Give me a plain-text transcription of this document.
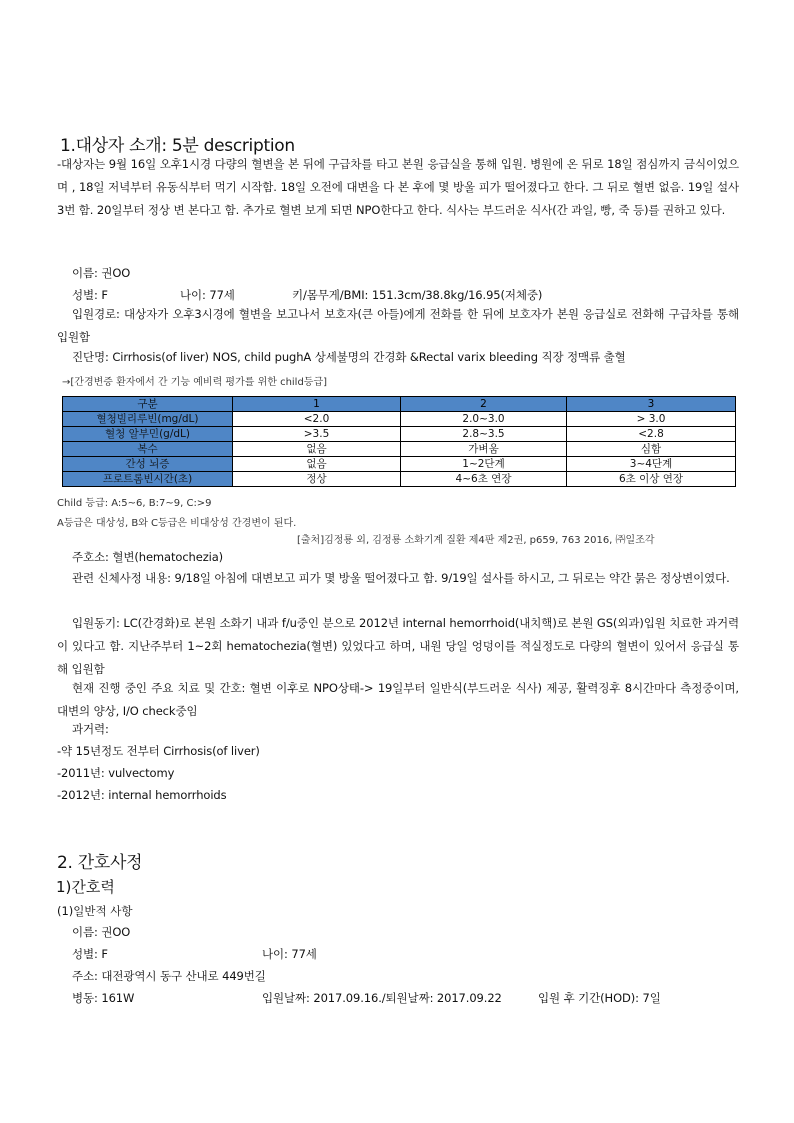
1.대상자 소개: 5분 description
-대상자는 9월 16일 오후1시경 다량의 혈변을 본 뒤에 구급차를 타고 본원 응급실을 통해 입원. 병원에 온 뒤로 18일 점심까지 금식이었으며 , 18일 저녁부터 유동식부터 먹기 시작함. 18일 오전에 대변을 다 본 후에 몇 방울 피가 떨어졌다고 한다. 그 뒤로 혈변 없음. 19일 설사 3번 함. 20일부터 정상 변 본다고 함. 추가로 혈변 보게 되면 NPO한다고 한다. 식사는 부드러운 식사(간 과일, 빵, 죽 등)를 권하고 있다.
이름: 권OO
성별: F	나이: 77세	키/몸무게/BMI: 151.3cm/38.8kg/16.95(저체중)
입원경로: 대상자가 오후3시경에 혈변을 보고나서 보호자(큰 아들)에게 전화를 한 뒤에 보호자가 본원 응급실로 전화해 구급차를 통해 입원함
진단명: Cirrhosis(of liver) NOS, child pughA 상세불명의 간경화 &Rectal varix bleeding 직장 정맥류 출혈
→[간경변증 환자에서 간 기능 예비력 평가를 위한 child등급]
구분	1	2	3
혈청빌리루빈(mg/dL)	<2.0	2.0~3.0	> 3.0
혈청 알부민(g/dL)	>3.5	2.8~3.5	<2.8
복수	없음	가벼움	심함
간성 뇌증	없음	1~2단계	3~4단계
프로트롬빈시간(초)	정상	4~6초 연장	6초 이상 연장
Child 등급: A:5~6, B:7~9, C:>9
A등급은 대상성, B와 C등급은 비대상성 간경변이 된다.
[출처]김정룡 외, 김정룡 소화기계 질환 제4판 제2권, p659, 763 2016, ㈜일조각
주호소: 혈변(hematochezia)
관련 신체사정 내용: 9/18일 아침에 대변보고 피가 몇 방울 떨어졌다고 함. 9/19일 설사를 하시고, 그 뒤로는 약간 묽은 정상변이였다.
입원동기: LC(간경화)로 본원 소화기 내과 f/u중인 분으로 2012년 internal hemorrhoid(내치핵)로 본원 GS(외과)입원 치료한 과거력이 있다고 함. 지난주부터 1~2회 hematochezia(혈변) 있었다고 하며, 내원 당일 엉덩이를 적실정도로 다량의 혈변이 있어서 응급실 통해 입원함
현재 진행 중인 주요 치료 및 간호: 혈변 이후로 NPO상태-> 19일부터 일반식(부드러운 식사) 제공, 활력징후 8시간마다 측정중이며, 대변의 양상, I/O check중임
과거력:
-약 15년정도 전부터 Cirrhosis(of liver)
-2011년: vulvectomy
-2012년: internal hemorrhoids
2. 간호사정
1)간호력
(1)일반적 사항
이름: 권OO
성별: F	나이: 77세
주소: 대전광역시 동구 산내로 449번길
병동: 161W	입원날짜: 2017.09.16./퇴원날짜: 2017.09.22	입원 후 기간(HOD): 7일
